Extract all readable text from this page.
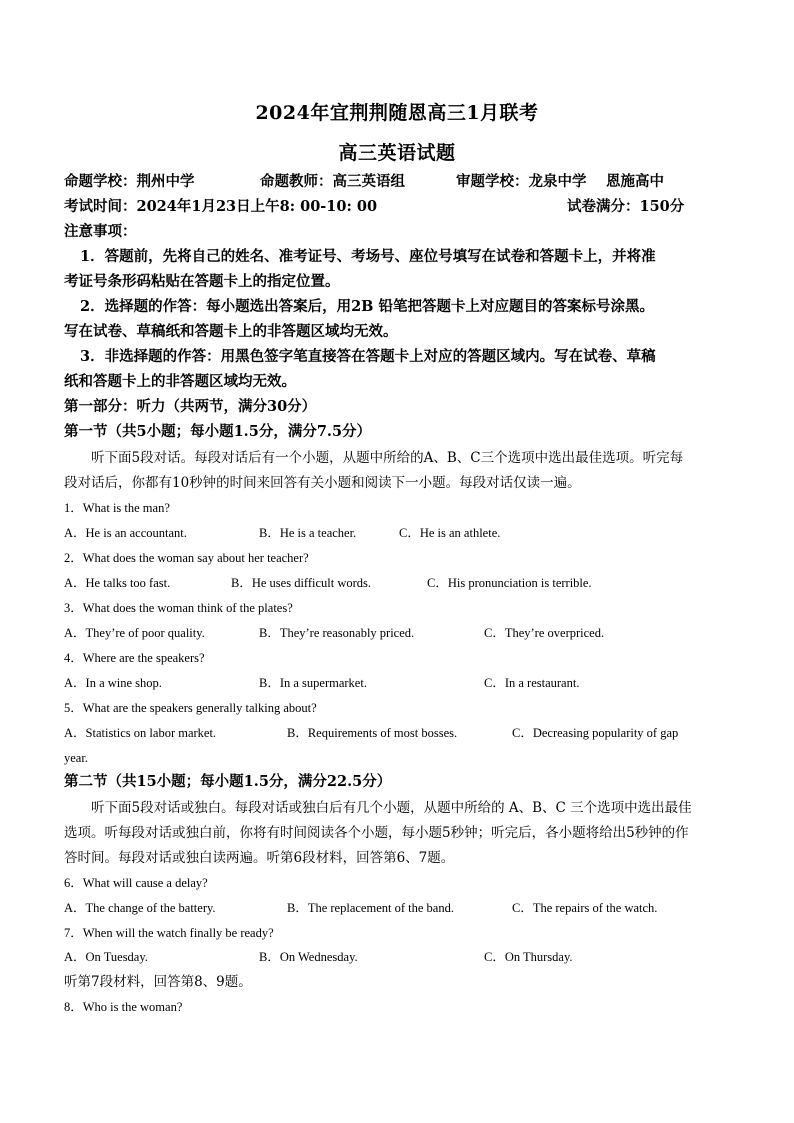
2024年宜荆荆随恩高三1月联考
高三英语试题
命题学校：荆州中学	命题教师：高三英语组	审题学校：龙泉中学　 恩施高中
考试时间：2024年1月23日上午8: 00-10: 00	试卷满分：150分
注意事项：
1．答题前，先将自己的姓名、准考证号、考场号、座位号填写在试卷和答题卡上，并将准
考证号条形码粘贴在答题卡上的指定位置。
2．选择题的作答：每小题选出答案后，用2B 铅笔把答题卡上对应题目的答案标号涂黑。
写在试卷、草稿纸和答题卡上的非答题区域均无效。
3．非选择题的作答：用黑色签字笔直接答在答题卡上对应的答题区域内。写在试卷、草稿
纸和答题卡上的非答题区域均无效。
第一部分：听力（共两节，满分30分）
第一节（共5小题；每小题1.5分，满分7.5分）
听下面5段对话。每段对话后有一个小题，从题中所给的A、B、C三个选项中选出最佳选项。听完每
段对话后，你都有10秒钟的时间来回答有关小题和阅读下一小题。每段对话仅读一遍。
1．What is the man?
A．He is an accountant.	B．He is a teacher.	C．He is an athlete.
2．What does the woman say about her teacher?
A．He talks too fast.	B．He uses difficult words.	C．His pronunciation is terrible.
3．What does the woman think of the plates?
A．They’re of poor quality.	B．They’re reasonably priced.	C．They’re overpriced.
4．Where are the speakers?
A．In a wine shop.	B．In a supermarket.	C．In a restaurant.
5．What are the speakers generally talking about?
A．Statistics on labor market.	B．Requirements of most bosses.	C．Decreasing popularity of gap
year.
第二节（共15小题；每小题1.5分，满分22.5分）
听下面5段对话或独白。每段对话或独白后有几个小题，从题中所给的 A、B、C 三个选项中选出最佳
选项。听每段对话或独白前，你将有时间阅读各个小题，每小题5秒钟；听完后，各小题将给出5秒钟的作
答时间。每段对话或独白读两遍。听第6段材料，回答第6、7题。
6．What will cause a delay?
A．The change of the battery.	B．The replacement of the band.	C．The repairs of the watch.
7．When will the watch finally be ready?
A．On Tuesday.	B．On Wednesday.	C．On Thursday.
听第7段材料，回答第8、9题。
8．Who is the woman?
